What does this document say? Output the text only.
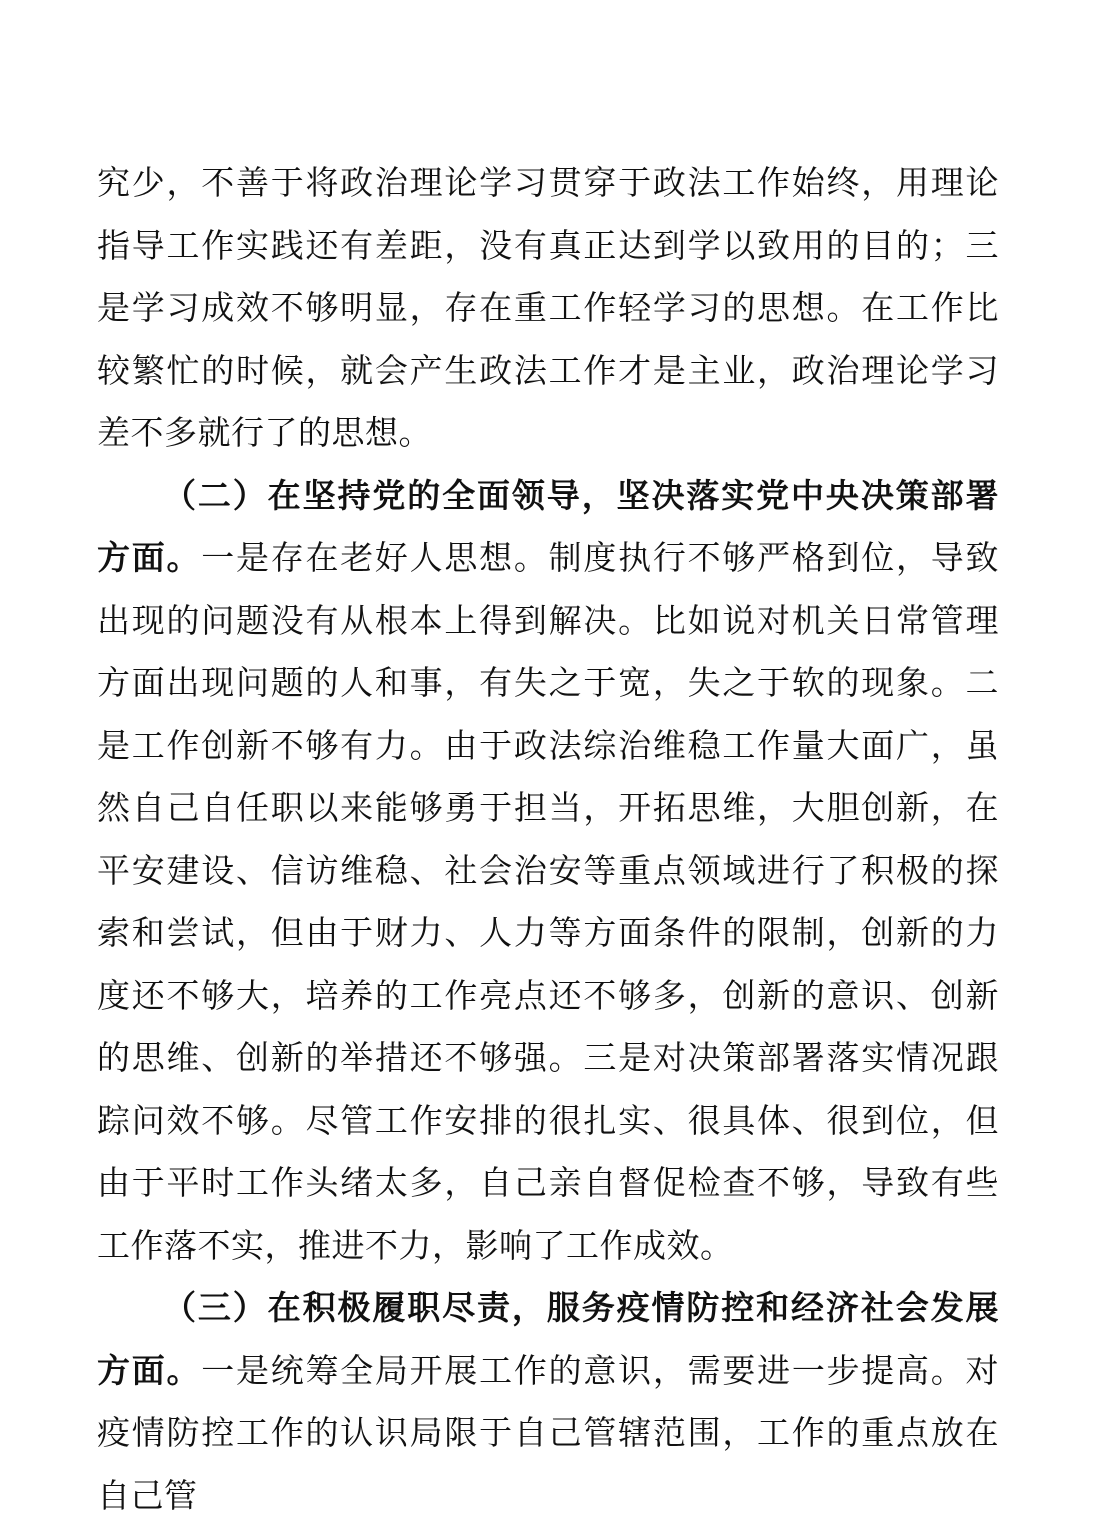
究少，不善于将政治理论学习贯穿于政法工作始终，用理论指导工作实践还有差距，没有真正达到学以致用的目的；三是学习成效不够明显，存在重工作轻学习的思想。在工作比较繁忙的时候，就会产生政法工作才是主业，政治理论学习差不多就行了的思想。

（二）在坚持党的全面领导，坚决落实党中央决策部署方面。一是存在老好人思想。制度执行不够严格到位，导致出现的问题没有从根本上得到解决。比如说对机关日常管理方面出现问题的人和事，有失之于宽，失之于软的现象。二是工作创新不够有力。由于政法综治维稳工作量大面广，虽然自己自任职以来能够勇于担当，开拓思维，大胆创新，在平安建设、信访维稳、社会治安等重点领域进行了积极的探索和尝试，但由于财力、人力等方面条件的限制，创新的力度还不够大，培养的工作亮点还不够多，创新的意识、创新的思维、创新的举措还不够强。三是对决策部署落实情况跟踪问效不够。尽管工作安排的很扎实、很具体、很到位，但由于平时工作头绪太多，自己亲自督促检查不够，导致有些工作落不实，推进不力，影响了工作成效。

（三）在积极履职尽责，服务疫情防控和经济社会发展方面。一是统筹全局开展工作的意识，需要进一步提高。对疫情防控工作的认识局限于自己管辖范围，工作的重点放在自己管
